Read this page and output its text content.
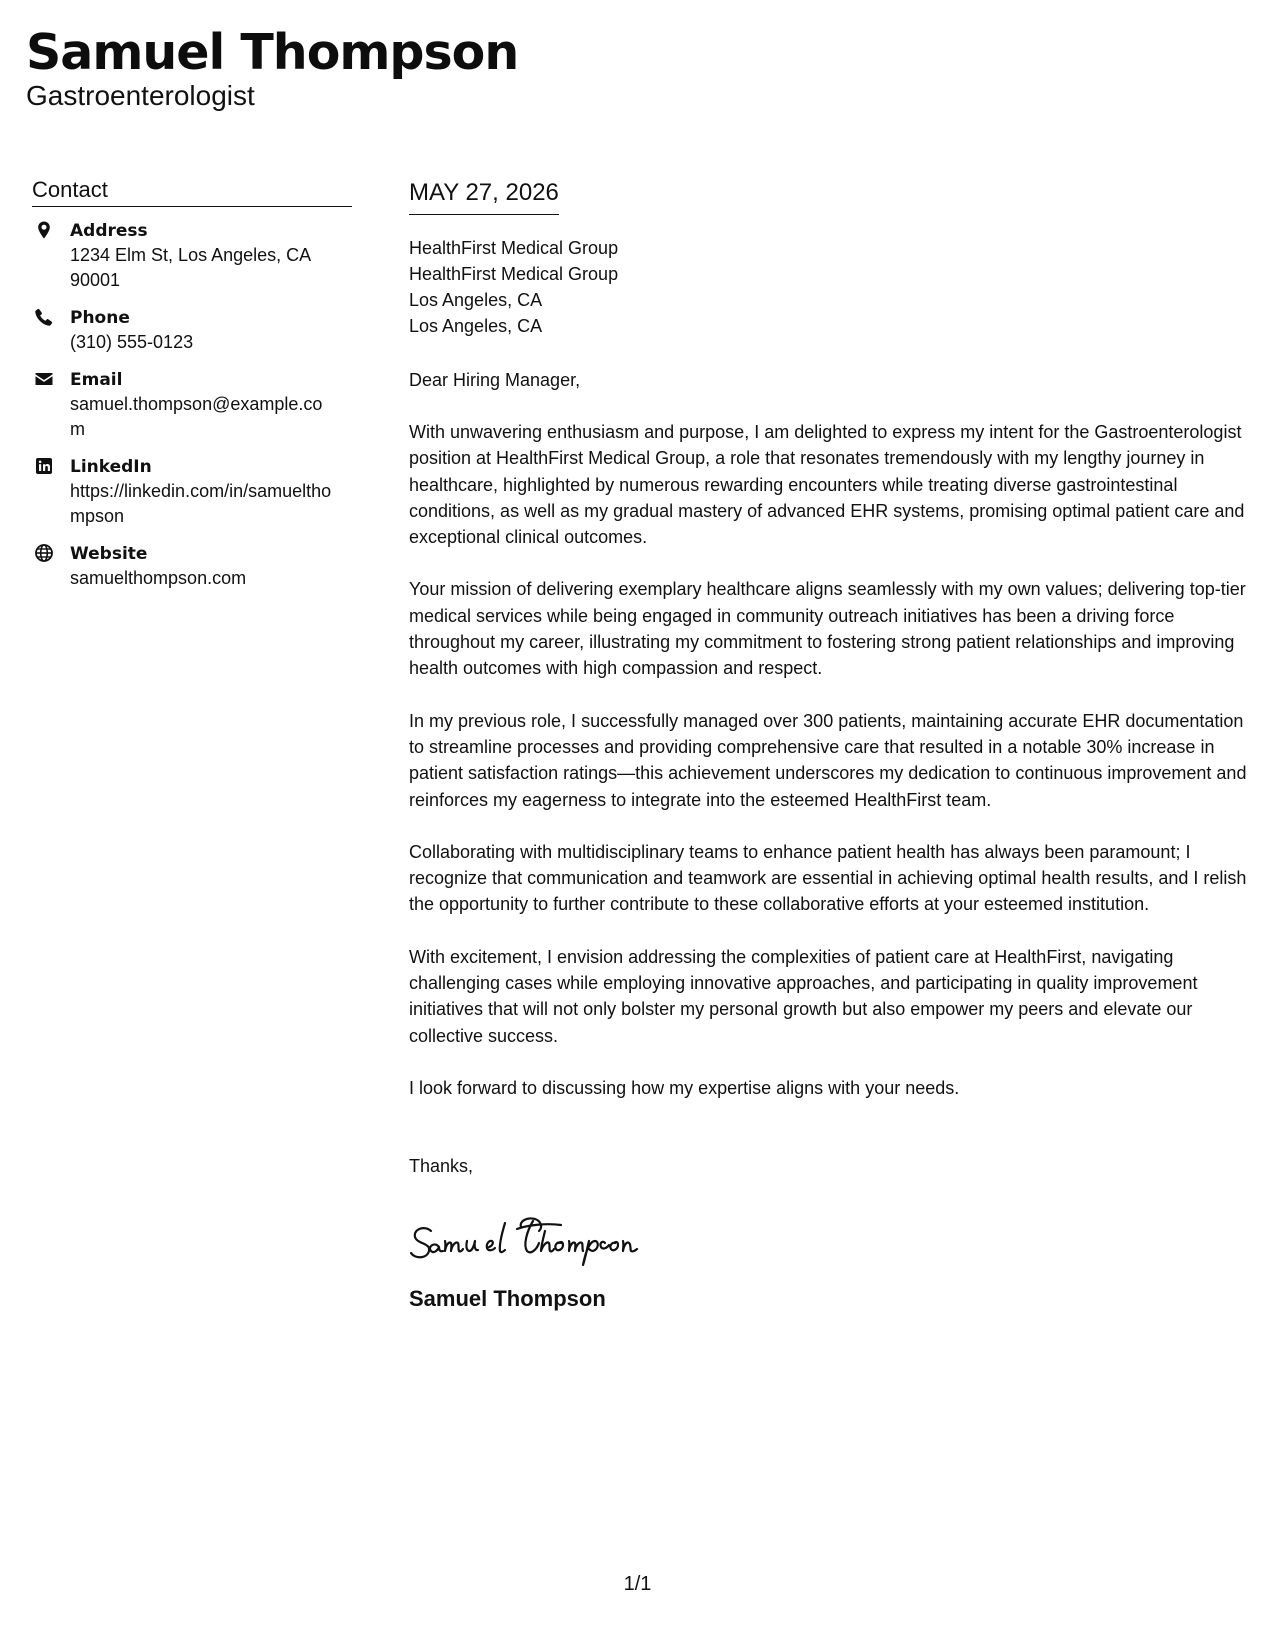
Samuel Thompson
Gastroenterologist
Contact
Address
1234 Elm St, Los Angeles, CA 90001
Phone
(310) 555-0123
Email
samuel.thompson@example.com
LinkedIn
https://linkedin.com/in/samuelthompson
Website
samuelthompson.com
MAY 27, 2026
HealthFirst Medical Group
HealthFirst Medical Group
Los Angeles, CA
Los Angeles, CA
Dear Hiring Manager,

With unwavering enthusiasm and purpose, I am delighted to express my intent for the Gastroenterologist position at HealthFirst Medical Group, a role that resonates tremendously with my lengthy journey in healthcare, highlighted by numerous rewarding encounters while treating diverse gastrointestinal conditions, as well as my gradual mastery of advanced EHR systems, promising optimal patient care and exceptional clinical outcomes.

Your mission of delivering exemplary healthcare aligns seamlessly with my own values; delivering top-tier medical services while being engaged in community outreach initiatives has been a driving force throughout my career, illustrating my commitment to fostering strong patient relationships and improving health outcomes with high compassion and respect.

In my previous role, I successfully managed over 300 patients, maintaining accurate EHR documentation to streamline processes and providing comprehensive care that resulted in a notable 30% increase in patient satisfaction ratings—this achievement underscores my dedication to continuous improvement and reinforces my eagerness to integrate into the esteemed HealthFirst team.

Collaborating with multidisciplinary teams to enhance patient health has always been paramount; I recognize that communication and teamwork are essential in achieving optimal health results, and I relish the opportunity to further contribute to these collaborative efforts at your esteemed institution.

With excitement, I envision addressing the complexities of patient care at HealthFirst, navigating challenging cases while employing innovative approaches, and participating in quality improvement initiatives that will not only bolster my personal growth but also empower my peers and elevate our collective success.

I look forward to discussing how my expertise aligns with your needs.

Thanks,
Samuel Thompson
1/1
